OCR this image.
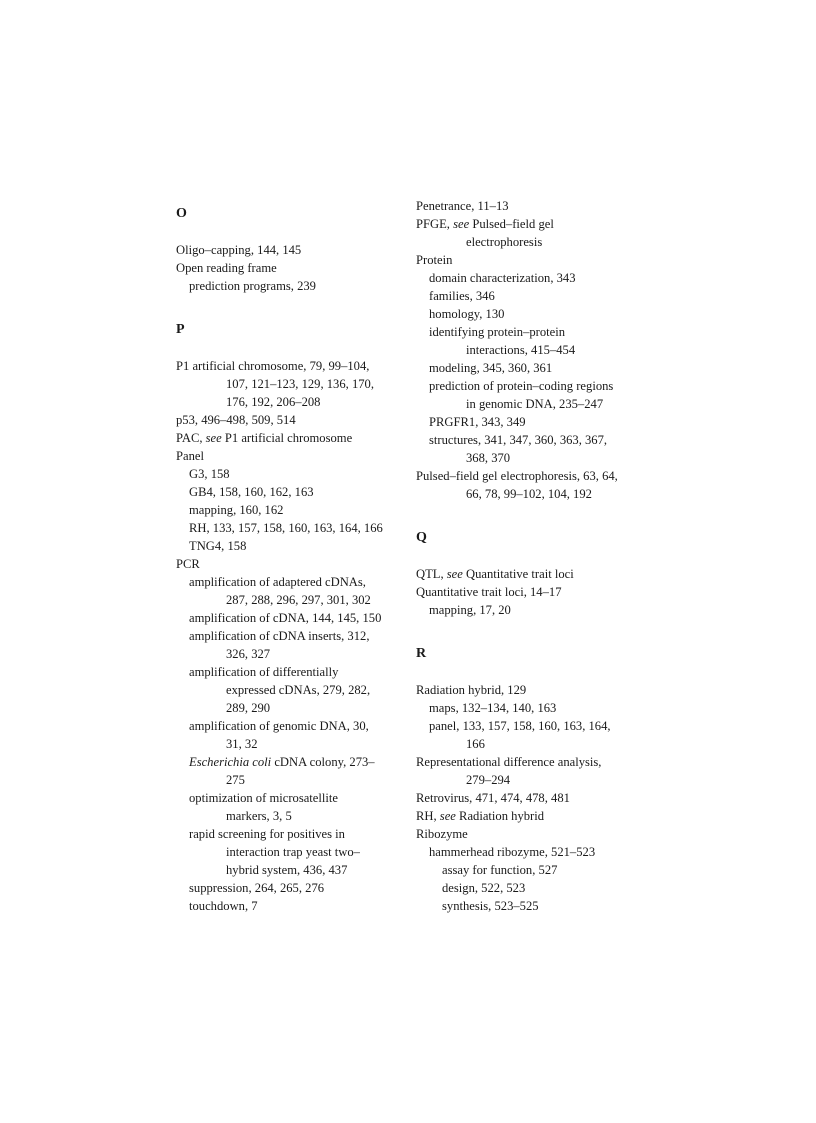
O
Oligo–capping, 144, 145
Open reading frame
prediction programs, 239
P
P1 artificial chromosome, 79, 99–104,
107, 121–123, 129, 136, 170,
176, 192, 206–208
p53, 496–498, 509, 514
PAC, see P1 artificial chromosome
Panel
G3, 158
GB4, 158, 160, 162, 163
mapping, 160, 162
RH, 133, 157, 158, 160, 163, 164, 166
TNG4, 158
PCR
amplification of adaptered cDNAs,
287, 288, 296, 297, 301, 302
amplification of cDNA, 144, 145, 150
amplification of cDNA inserts, 312,
326, 327
amplification of differentially
expressed cDNAs, 279, 282,
289, 290
amplification of genomic DNA, 30,
31, 32
Escherichia coli cDNA colony, 273–
275
optimization of microsatellite
markers, 3, 5
rapid screening for positives in
interaction trap yeast two–
hybrid system, 436, 437
suppression, 264, 265, 276
touchdown, 7
Penetrance, 11–13
PFGE, see Pulsed–field gel
electrophoresis
Protein
domain characterization, 343
families, 346
homology, 130
identifying protein–protein
interactions, 415–454
modeling, 345, 360, 361
prediction of protein–coding regions
in genomic DNA, 235–247
PRGFR1, 343, 349
structures, 341, 347, 360, 363, 367,
368, 370
Pulsed–field gel electrophoresis, 63, 64,
66, 78, 99–102, 104, 192
Q
QTL, see Quantitative trait loci
Quantitative trait loci, 14–17
mapping, 17, 20
R
Radiation hybrid, 129
maps, 132–134, 140, 163
panel, 133, 157, 158, 160, 163, 164,
166
Representational difference analysis,
279–294
Retrovirus, 471, 474, 478, 481
RH, see Radiation hybrid
Ribozyme
hammerhead ribozyme, 521–523
assay for function, 527
design, 522, 523
synthesis, 523–525
